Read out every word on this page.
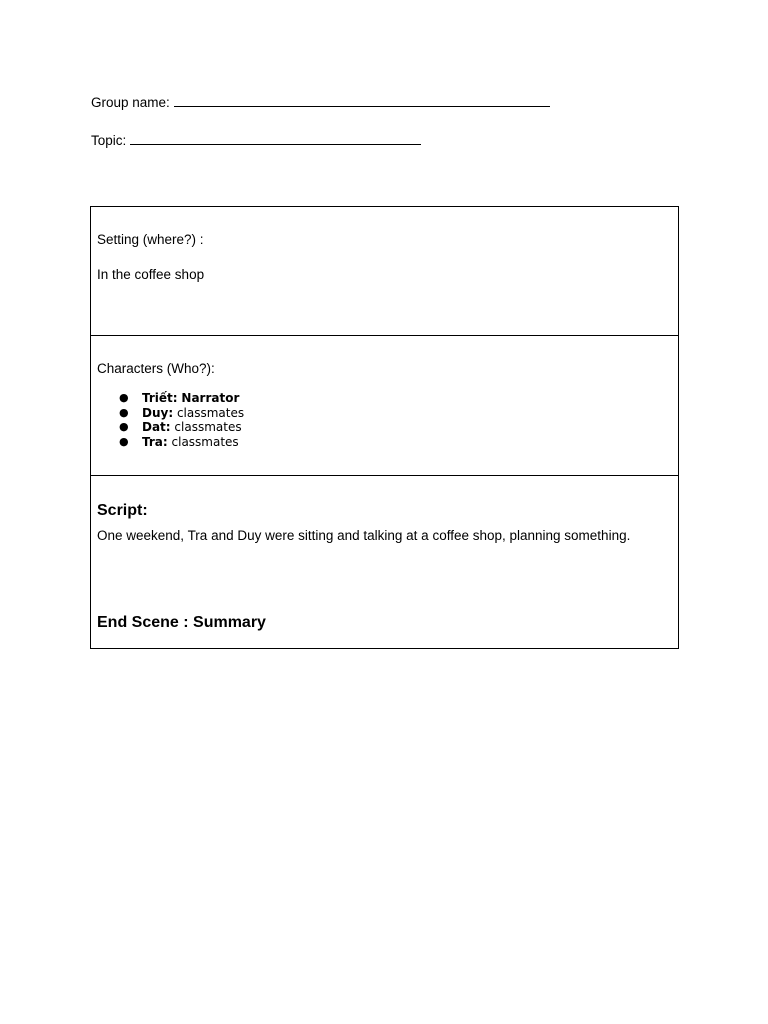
Group name:
Topic:
Setting (where?) :
In the coffee shop
Characters (Who?):
● Triết: Narrator
● Duy: classmates
● Dat: classmates
● Tra: classmates
Script:
One weekend, Tra and Duy were sitting and talking at a coffee shop, planning something.
End Scene : Summary
